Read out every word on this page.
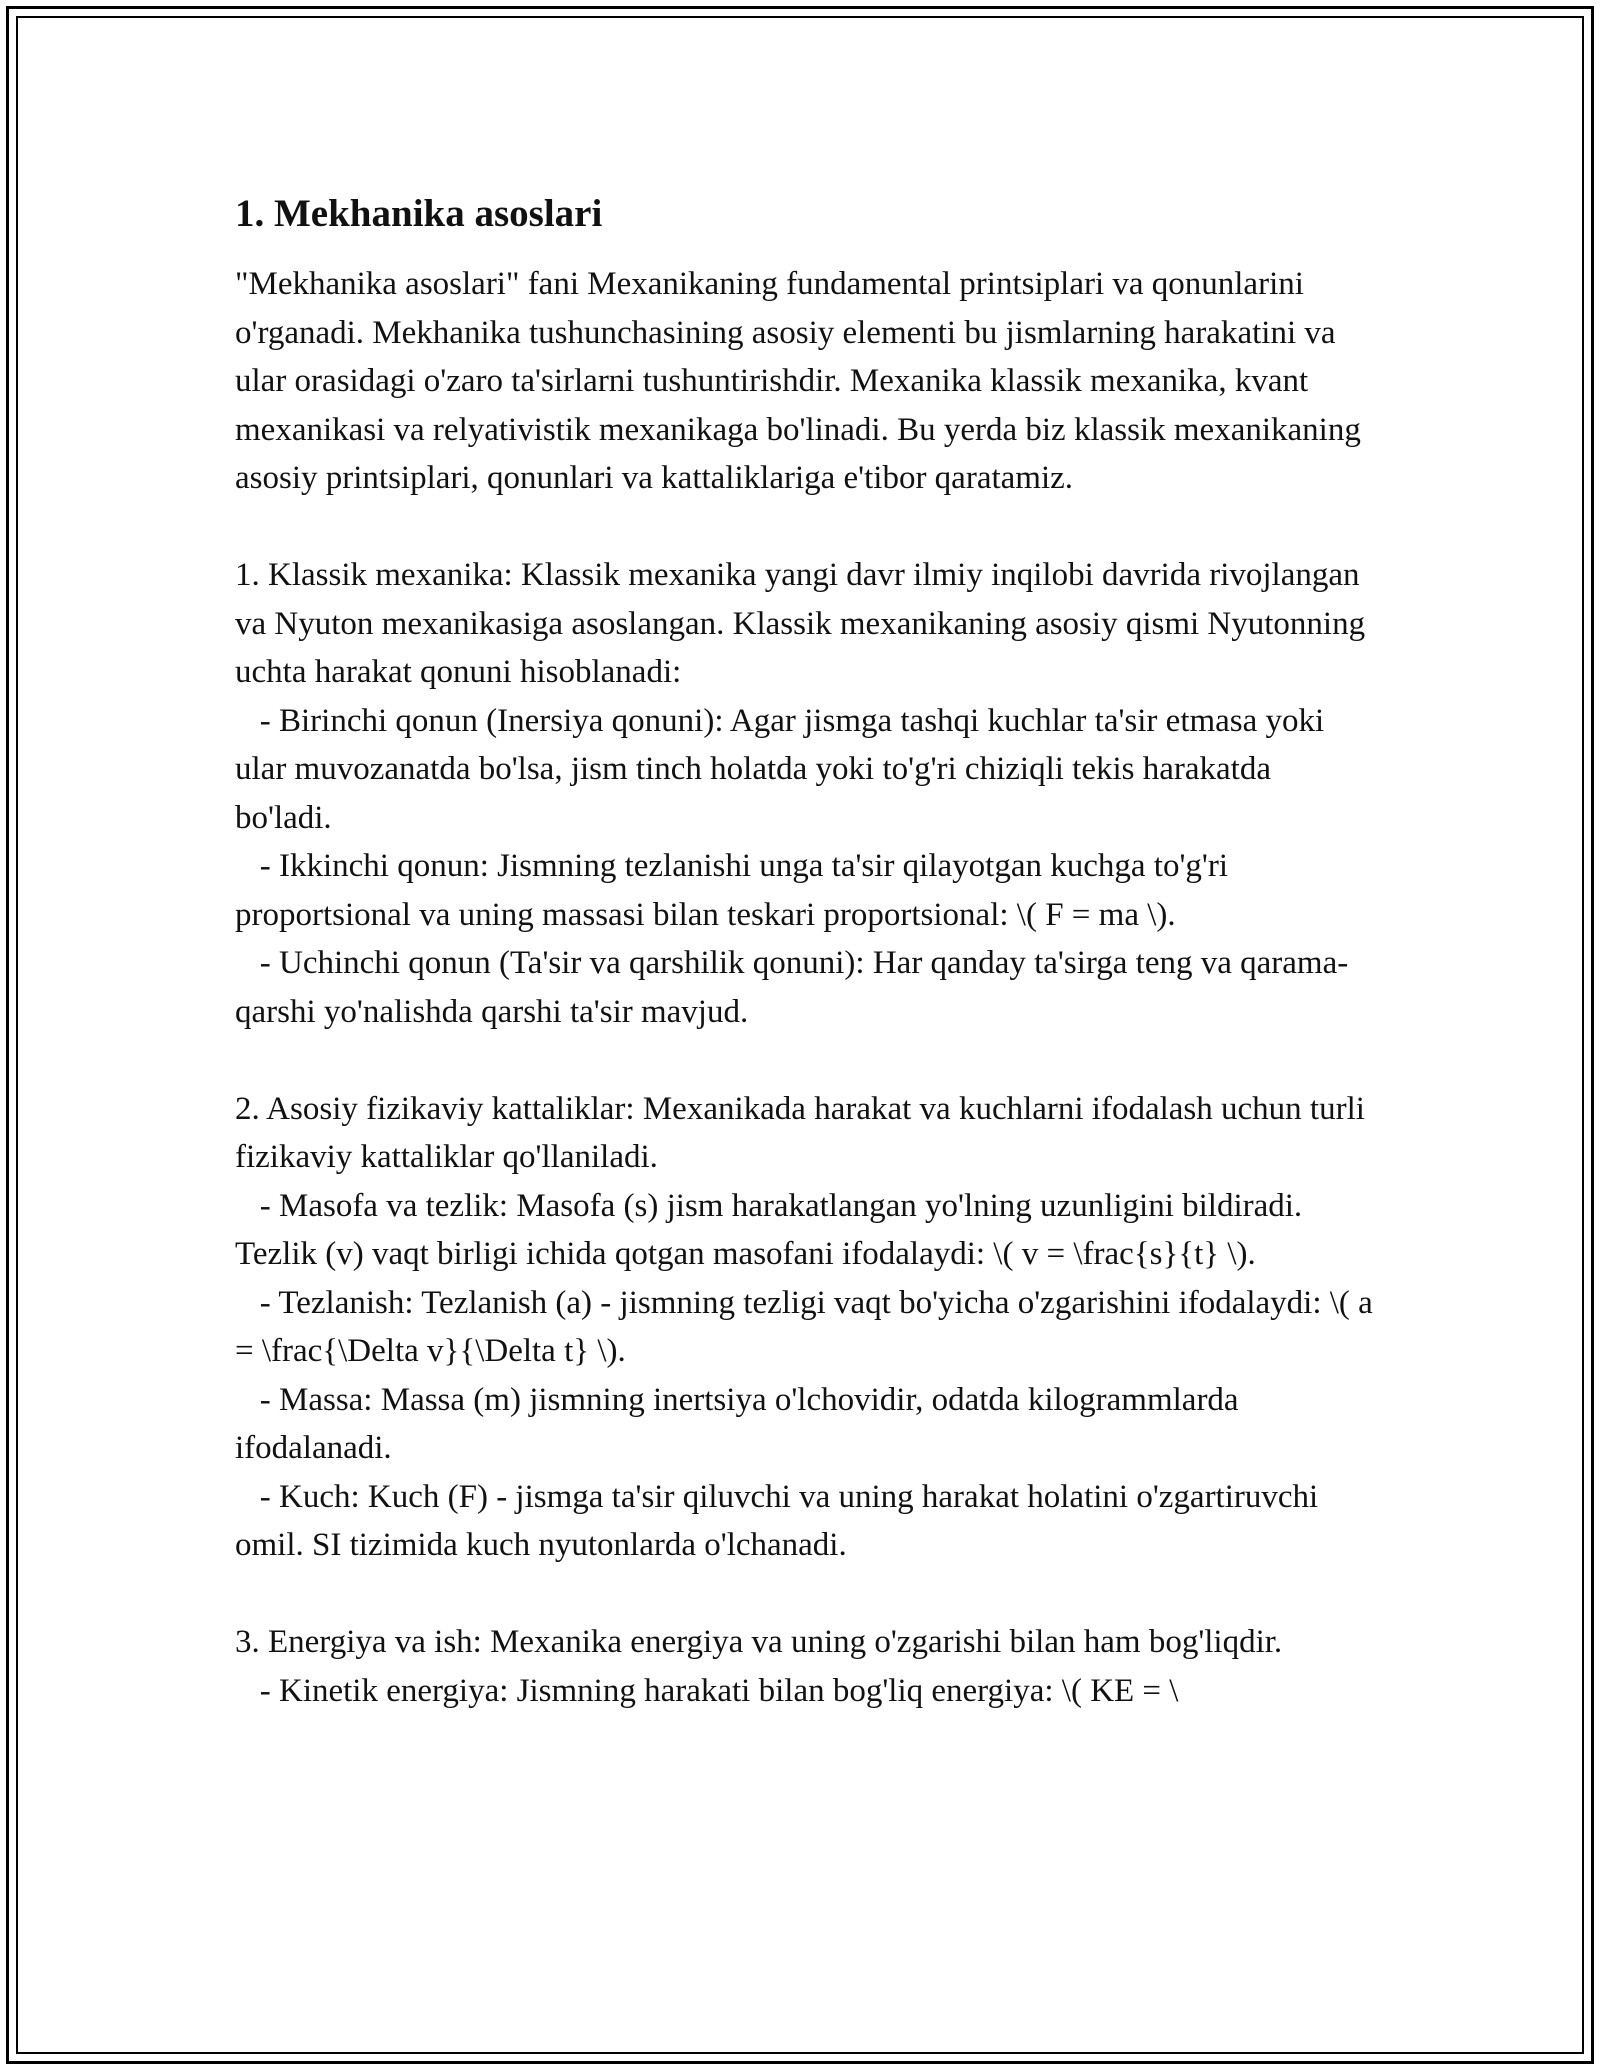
1. Mekhanika asoslari

"Mekhanika asoslari" fani Mexanikaning fundamental printsiplari va qonunlarini o'rganadi. Mekhanika tushunchasining asosiy elementi bu jismlarning harakatini va ular orasidagi o'zaro ta'sirlarni tushuntirishdir. Mexanika klassik mexanika, kvant mexanikasi va relyativistik mexanikaga bo'linadi. Bu yerda biz klassik mexanikaning asosiy printsiplari, qonunlari va kattaliklariga e'tibor qaratamiz.

1. Klassik mexanika: Klassik mexanika yangi davr ilmiy inqilobi davrida rivojlangan va Nyuton mexanikasiga asoslangan. Klassik mexanikaning asosiy qismi Nyutonning uchta harakat qonuni hisoblanadi:

- Birinchi qonun (Inersiya qonuni): Agar jismga tashqi kuchlar ta'sir etmasa yoki ular muvozanatda bo'lsa, jism tinch holatda yoki to'g'ri chiziqli tekis harakatda bo'ladi.

- Ikkinchi qonun: Jismning tezlanishi unga ta'sir qilayotgan kuchga to'g'ri proportsional va uning massasi bilan teskari proportsional: \( F = ma \).

- Uchinchi qonun (Ta'sir va qarshilik qonuni): Har qanday ta'sirga teng va qarama-qarshi yo'nalishda qarshi ta'sir mavjud.

2. Asosiy fizikaviy kattaliklar: Mexanikada harakat va kuchlarni ifodalash uchun turli fizikaviy kattaliklar qo'llaniladi.

- Masofa va tezlik: Masofa (s) jism harakatlangan yo'lning uzunligini bildiradi. Tezlik (v) vaqt birligi ichida qotgan masofani ifodalaydi: \( v = \frac{s}{t} \).

- Tezlanish: Tezlanish (a) - jismning tezligi vaqt bo'yicha o'zgarishini ifodalaydi: \( a = \frac{\Delta v}{\Delta t} \).

- Massa: Massa (m) jismning inertsiya o'lchovidir, odatda kilogrammlarda ifodalanadi.

- Kuch: Kuch (F) - jismga ta'sir qiluvchi va uning harakat holatini o'zgartiruvchi omil. SI tizimida kuch nyutonlarda o'lchanadi.

3. Energiya va ish: Mexanika energiya va uning o'zgarishi bilan ham bog'liqdir.

- Kinetik energiya: Jismning harakati bilan bog'liq energiya: \( KE = \
